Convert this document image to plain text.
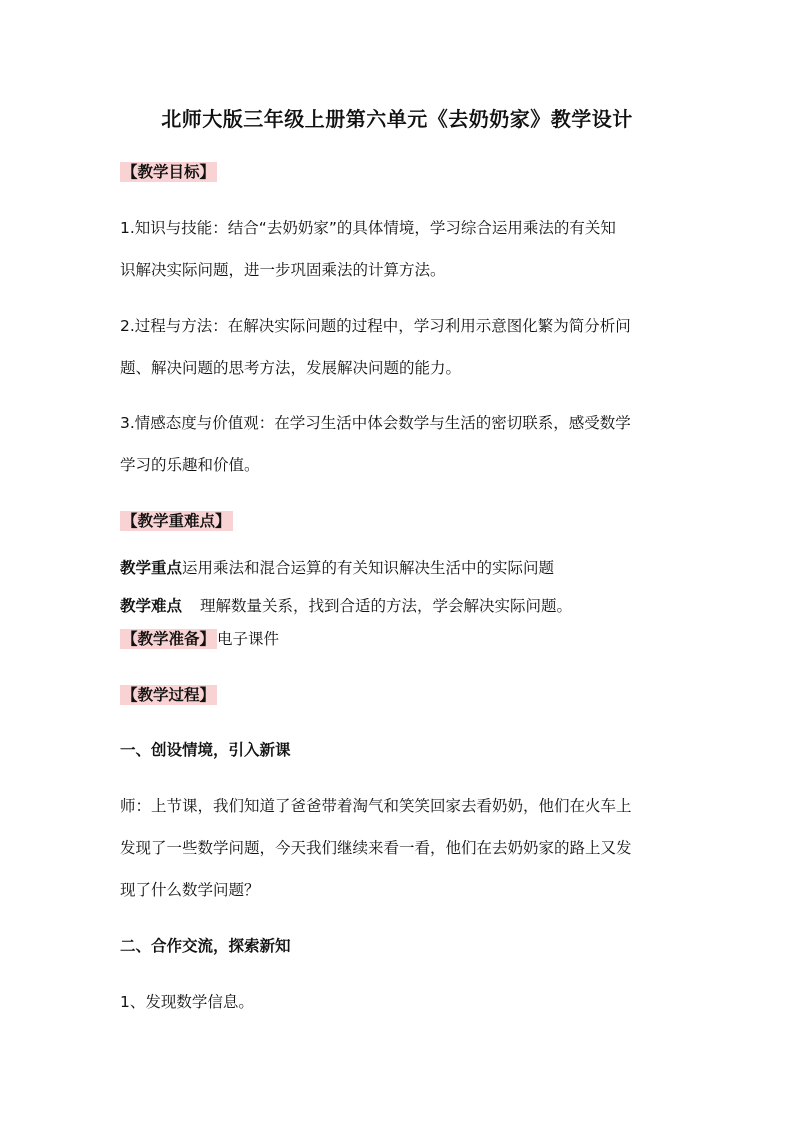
北师大版三年级上册第六单元《去奶奶家》教学设计
【教学目标】
1.知识与技能：结合“去奶奶家”的具体情境，学习综合运用乘法的有关知
识解决实际问题，进一步巩固乘法的计算方法。
2.过程与方法：在解决实际问题的过程中，学习利用示意图化繁为简分析问
题、解决问题的思考方法，发展解决问题的能力。
3.情感态度与价值观：在学习生活中体会数学与生活的密切联系，感受数学
学习的乐趣和价值。
【教学重难点】
教学重点运用乘法和混合运算的有关知识解决生活中的实际问题
教学难点 理解数量关系，找到合适的方法，学会解决实际问题。
【教学准备】 电子课件
【教学过程】
一、创设情境，引入新课
师：上节课，我们知道了爸爸带着淘气和笑笑回家去看奶奶，他们在火车上
发现了一些数学问题，今天我们继续来看一看，他们在去奶奶家的路上又发
现了什么数学问题？
二、合作交流，探索新知
1、发现数学信息。
